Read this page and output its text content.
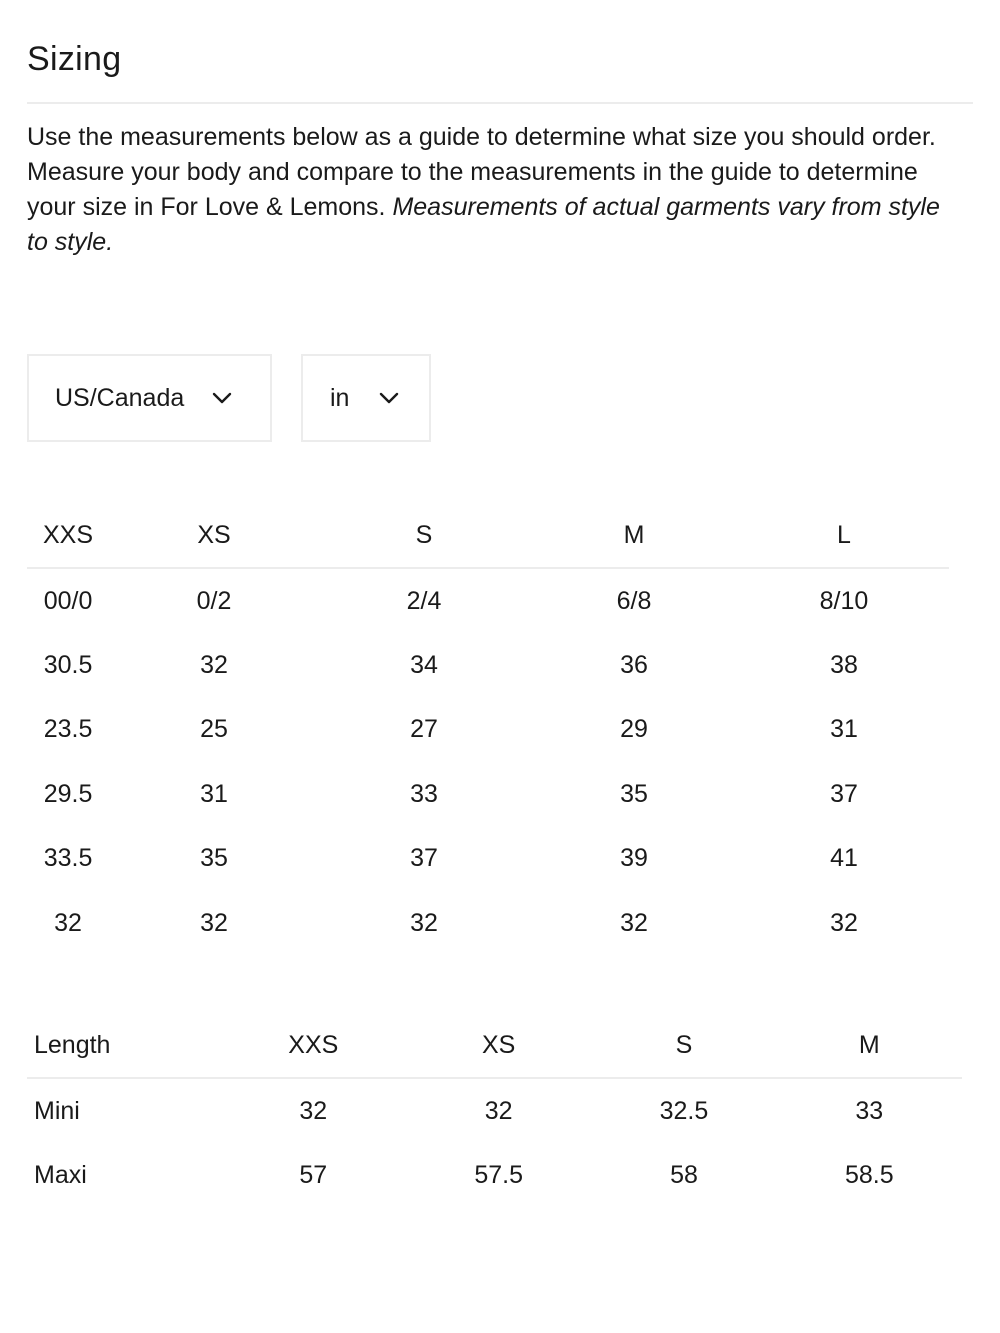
Sizing

Use the measurements below as a guide to determine what size you should order. Measure your body and compare to the measurements in the guide to determine your size in For Love & Lemons. Measurements of actual garments vary from style to style.

US/Canada	in
XXS	XS	S	M	L
00/0	0/2	2/4	6/8	8/10
30.5	32	34	36	38
23.5	25	27	29	31
29.5	31	33	35	37
33.5	35	37	39	41
32	32	32	32	32
Length	XXS	XS	S	M
Mini	32	32	32.5	33
Maxi	57	57.5	58	58.5
